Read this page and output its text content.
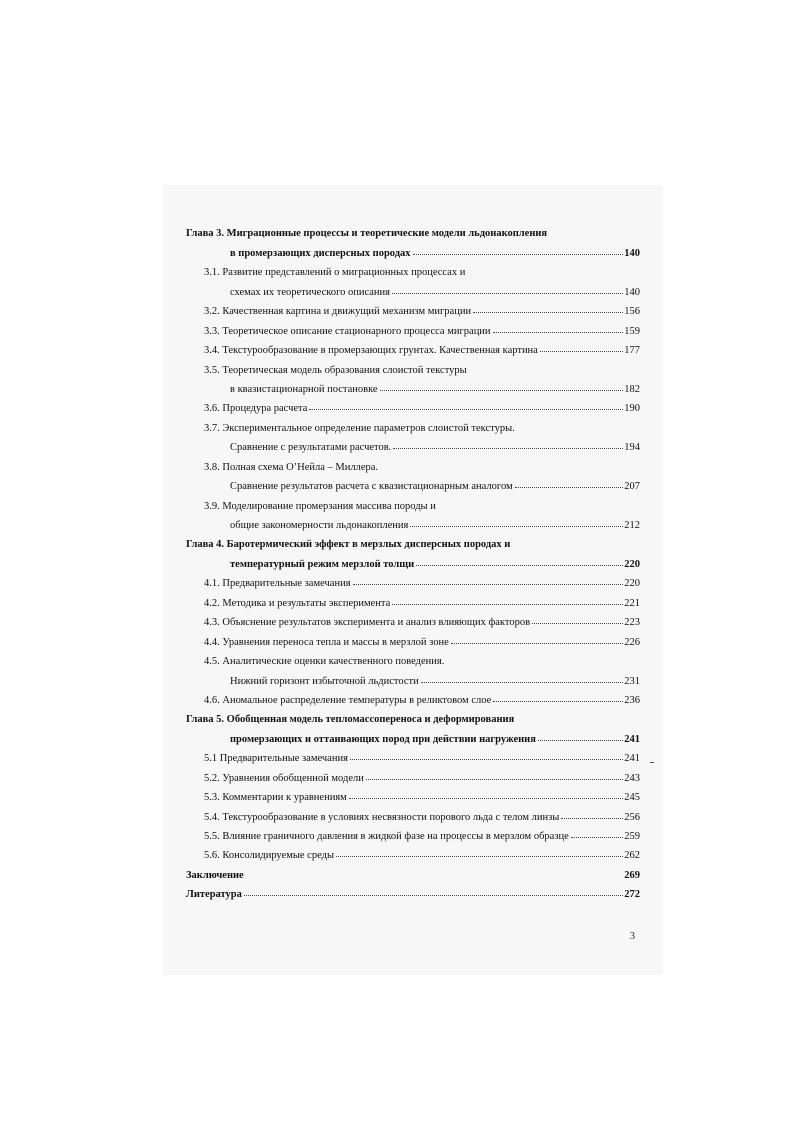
Глава 3. Миграционные процессы и теоретические модели льдонакопления
в промерзающих дисперсных породах	140
3.1. Развитие представлений о миграционных процессах и
схемах их теоретического описания	140
3.2. Качественная картина и движущий механизм миграции	156
3.3. Теоретическое описание стационарного процесса миграции	159
3.4. Текстурообразование в промерзающих грунтах. Качественная картина	177
3.5. Теоретическая модель образования слоистой текстуры
в квазистационарной постановке	182
3.6. Процедура расчета	190
3.7. Экспериментальное определение параметров слоистой текстуры.
Сравнение с результатами расчетов.	194
3.8. Полная схема О’Нейла – Миллера.
Сравнение результатов расчета с квазистационарным аналогом	207
3.9. Моделирование промерзания массива породы и
общие закономерности льдонакопления	212
Глава 4. Баротермический эффект в мерзлых дисперсных породах и
температурный режим мерзлой толщи	220
4.1. Предварительные замечания	220
4.2. Методика и результаты эксперимента	221
4.3. Объяснение результатов эксперимента и анализ влияющих факторов	223
4.4. Уравнения переноса тепла и массы в мерзлой зоне	226
4.5. Аналитические оценки качественного поведения.
Нижний горизонт избыточной льдистости	231
4.6. Аномальное распределение температуры в реликтовом слое	236
Глава 5. Обобщенная модель тепломассопереноса и деформирования
промерзающих и оттаивающих пород при действии нагружения	241
5.1 Предварительные замечания	241
5.2. Уравнения обобщенной модели	243
5.3. Комментарии к уравнениям	245
5.4. Текстурообразование в условиях несвязности порового льда с телом линзы	256
5.5. Влияние граничного давления в жидкой фазе на процессы в мерзлом образце	259
5.6. Консолидируемые среды	262
Заключение	269
Литература	272
3
